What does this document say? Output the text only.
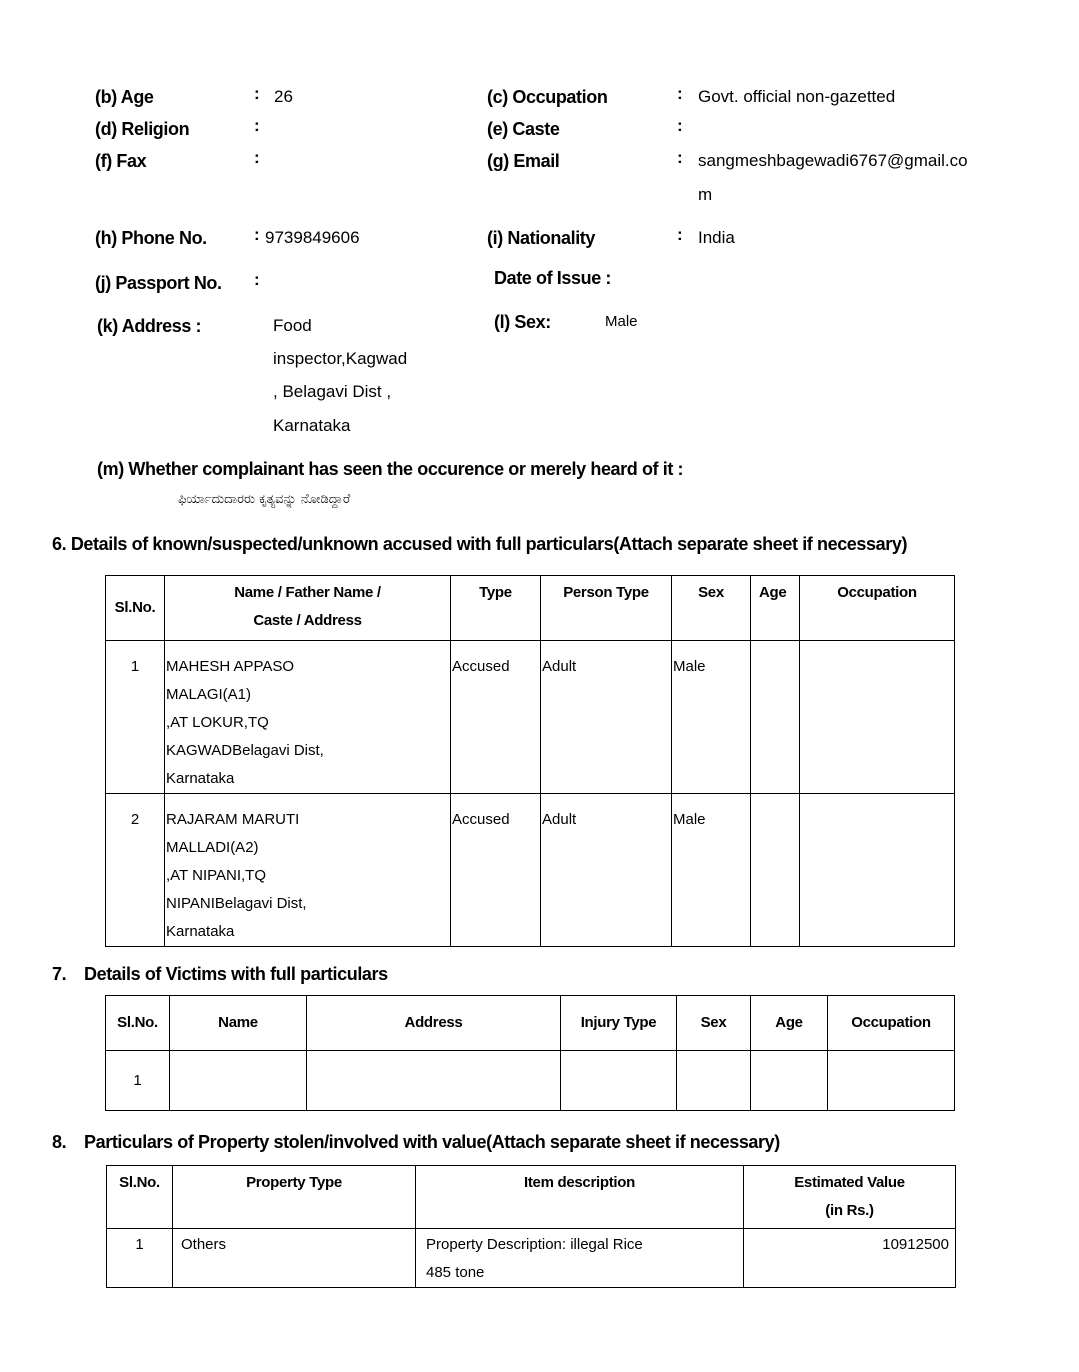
(b) Age	: 26	(c) Occupation	: Govt. official non-gazetted
(d) Religion	:	(e) Caste	:
(f) Fax	:	(g) Email	: sangmeshbagewadi6767@gmail.co
m
(h) Phone No.	: 9739849606	(i) Nationality	: India
(j) Passport No. :	Date of Issue :
(k) Address :	Food
inspector,Kagwad
, Belagavi Dist ,
Karnataka
(l) Sex:	Male
(m) Whether complainant has seen the occurence or merely heard of it :
ಫಿರ್ಯಾದುದಾರರು ಕೃತ್ಯವನ್ನು ನೋಡಿದ್ದಾರೆ
6. Details of known/suspected/unknown accused with full particulars(Attach separate sheet if necessary)
Sl.No.	Name / Father Name /
Caste / Address	Type	Person Type	Sex	Age	Occupation
1	MAHESH APPASO
MALAGI(A1)
,AT LOKUR,TQ
KAGWADBelagavi Dist,
Karnataka	Accused	Adult	Male		
2	RAJARAM MARUTI
MALLADI(A2)
,AT NIPANI,TQ
NIPANIBelagavi Dist,
Karnataka	Accused	Adult	Male		
7. Details of Victims with full particulars
Sl.No.	Name	Address	Injury Type	Sex	Age	Occupation
1						
8. Particulars of Property stolen/involved with value(Attach separate sheet if necessary)
Sl.No.	Property Type	Item description	Estimated Value
(in Rs.)

1	Others	Property Description: illegal Rice
485 tone	10912500
